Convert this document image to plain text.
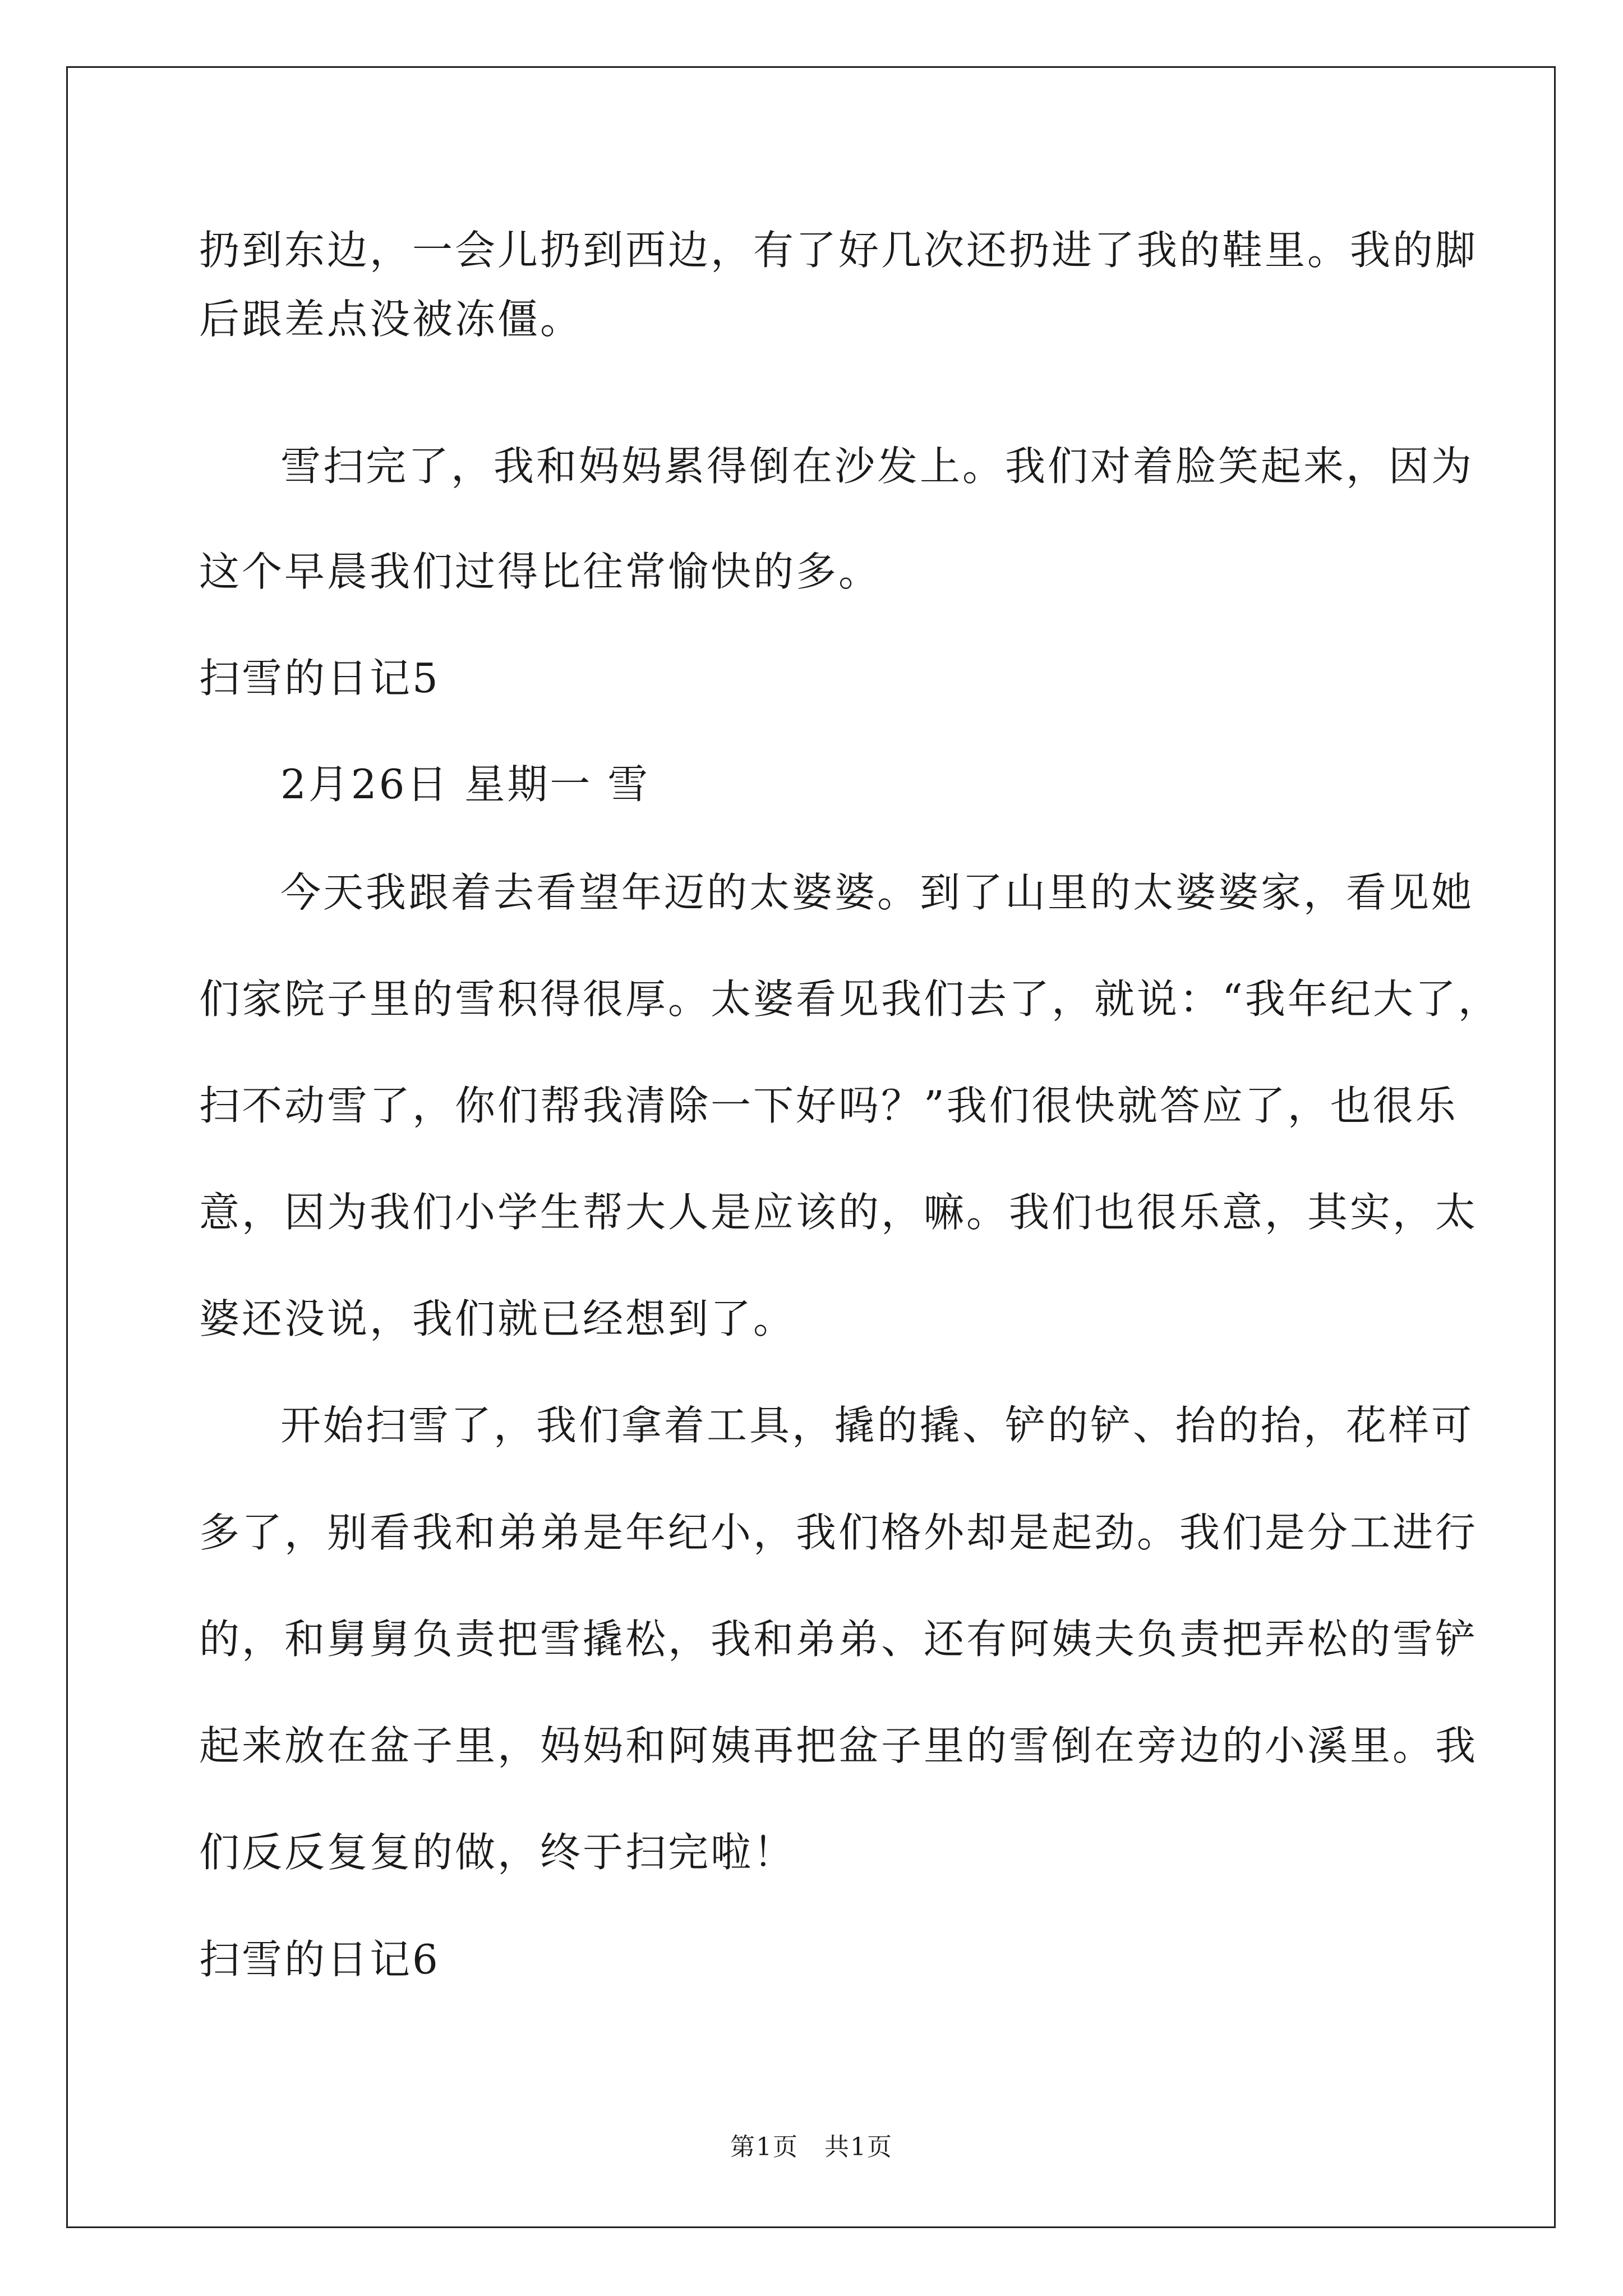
扔到东边，一会儿扔到西边，有了好几次还扔进了我的鞋里。我的脚
后跟差点没被冻僵。
雪扫完了，我和妈妈累得倒在沙发上。我们对着脸笑起来，因为
这个早晨我们过得比往常愉快的多。
扫雪的日记5
2月26日 星期一 雪
今天我跟着去看望年迈的太婆婆。到了山里的太婆婆家，看见她
们家院子里的雪积得很厚。太婆看见我们去了，就说：“我年纪大了，
扫不动雪了，你们帮我清除一下好吗？”我们很快就答应了，也很乐
意，因为我们小学生帮大人是应该的，嘛。我们也很乐意，其实，太
婆还没说，我们就已经想到了。
开始扫雪了，我们拿着工具，撬的撬、铲的铲、抬的抬，花样可
多了，别看我和弟弟是年纪小，我们格外却是起劲。我们是分工进行
的，和舅舅负责把雪撬松，我和弟弟、还有阿姨夫负责把弄松的雪铲
起来放在盆子里，妈妈和阿姨再把盆子里的雪倒在旁边的小溪里。我
们反反复复的做，终于扫完啦！
扫雪的日记6
第1页　共1页
